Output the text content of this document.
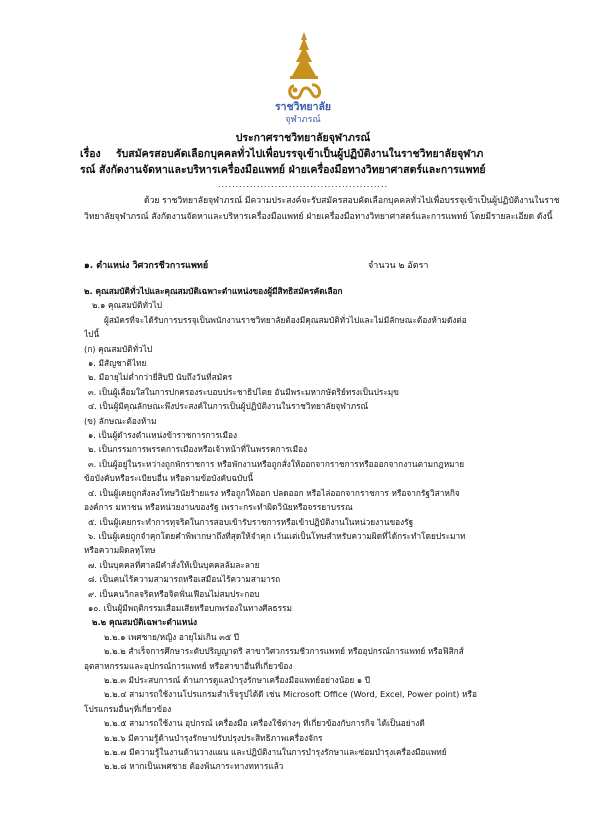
ราชวิทยาลัย
จุฬาภรณ์
ประกาศราชวิทยาลัยจุฬาภรณ์
เรื่อง รับสมัครสอบคัดเลือกบุคคลทั่วไปเพื่อบรรจุเข้าเป็นผู้ปฏิบัติงานในราชวิทยาลัยจุฬาภ
รณ์ สังกัดงานจัดหาและบริหารเครื่องมือแพทย์ ฝ่ายเครื่องมือทางวิทยาศาสตร์และการแพทย์
................................................
ด้วย ราชวิทยาลัยจุฬาภรณ์ มีความประสงค์จะรับสมัครสอบคัดเลือกบุคคลทั่วไปเพื่อบรรจุเข้าเป็นผู้ปฏิบัติงานในราชวิทยาลัยจุฬาภรณ์ สังกัดงานจัดหาและบริหารเครื่องมือแพทย์ ฝ่ายเครื่องมือทางวิทยาศาสตร์และการแพทย์ โดยมีรายละเอียด ดังนี้
๑. ตำแหน่ง วิศวกรชีวการแพทย์	จำนวน ๒ อัตรา
๒. คุณสมบัติทั่วไปและคุณสมบัติเฉพาะตำแหน่งของผู้มีสิทธิสมัครคัดเลือก
๒.๑ คุณสมบัติทั่วไป
ผู้สมัครที่จะได้รับการบรรจุเป็นพนักงานราชวิทยาลัยต้องมีคุณสมบัติทั่วไปและไม่มีลักษณะต้องห้ามดังต่อ
ไปนี้
(ก) คุณสมบัติทั่วไป
๑. มีสัญชาติไทย
๒. มีอายุไม่ต่ำกว่ายี่สิบปี นับถึงวันที่สมัคร
๓. เป็นผู้เลื่อมใสในการปกครองระบอบประชาธิปไตย อันมีพระมหากษัตริย์ทรงเป็นประมุข
๔. เป็นผู้มีคุณลักษณะพึงประสงค์ในการเป็นผู้ปฏิบัติงานในราชวิทยาลัยจุฬาภรณ์
(ข) ลักษณะต้องห้าม
๑. เป็นผู้ดำรงตำแหน่งข้าราชการการเมือง
๒. เป็นกรรมการพรรคการเมืองหรือเจ้าหน้าที่ในพรรคการเมือง
๓. เป็นผู้อยู่ในระหว่างถูกพักราชการ หรือพักงานหรือถูกสั่งให้ออกจากราชการหรือออกจากงานตามกฎหมาย
ข้อบังคับหรือระเบียบอื่น หรือตามข้อบังคับฉบับนี้
๔. เป็นผู้เคยถูกสั่งลงโทษวินัยร้ายแรง หรือถูกให้ออก ปลดออก หรือไล่ออกจากราชการ หรือจากรัฐวิสาหกิจ
องค์การ มหาชน หรือหน่วยงานของรัฐ เพราะกระทำผิดวินัยหรือจรรยาบรรณ
๕. เป็นผู้เคยกระทำการทุจริตในการสอบเข้ารับราชการหรือเข้าปฏิบัติงานในหน่วยงานของรัฐ
๖. เป็นผู้เคยถูกจำคุกโดยคำพิพากษาถึงที่สุดให้จำคุก เว้นแต่เป็นโทษสำหรับความผิดที่ได้กระทำโดยประมาท
หรือความผิดลหุโทษ
๗. เป็นบุคคลที่ศาลมีคำสั่งให้เป็นบุคคลล้มละลาย
๘. เป็นคนไร้ความสามารถหรือเสมือนไร้ความสามารถ
๙. เป็นคนวิกลจริตหรือจิตฟั่นเฟือนไม่สมประกอบ
๑๐. เป็นผู้มีพฤติกรรมเสื่อมเสียหรือบกพร่องในทางศีลธรรม
๒.๒ คุณสมบัติเฉพาะตำแหน่ง
๒.๒.๑ เพศชาย/หญิง อายุไม่เกิน ๓๕ ปี
๒.๒.๒ สำเร็จการศึกษาระดับปริญญาตรี สาขาวิศวกรรมชีวการแพทย์ หรืออุปกรณ์การแพทย์ หรือฟิสิกส์
อุตสาหกรรมและอุปกรณ์การแพทย์ หรือสาขาอื่นที่เกี่ยวข้อง
๒.๒.๓ มีประสบการณ์ ด้านการดูแลบำรุงรักษาเครื่องมือแพทย์อย่างน้อย ๑ ปี
๒.๒.๔ สามารถใช้งานโปรแกรมสำเร็จรูปได้ดี เช่น Microsoft Office (Word, Excel, Power point) หรือ
โปรแกรมอื่นๆที่เกี่ยวข้อง
๒.๒.๕ สามารถใช้งาน อุปกรณ์ เครื่องมือ เครื่องใช้ต่างๆ ที่เกี่ยวข้องกับการกิจ ได้เป็นอย่างดี
๒.๒.๖ มีความรู้ด้านบำรุงรักษาปรับปรุงประสิทธิภาพเครื่องจักร
๒.๒.๗ มีความรู้ในงานด้านวางแผน และปฏิบัติงานในการบำรุงรักษาและซ่อมบำรุงเครื่องมือแพทย์
๒.๒.๘ หากเป็นเพศชาย ต้องพ้นภาระทางทหารแล้ว
